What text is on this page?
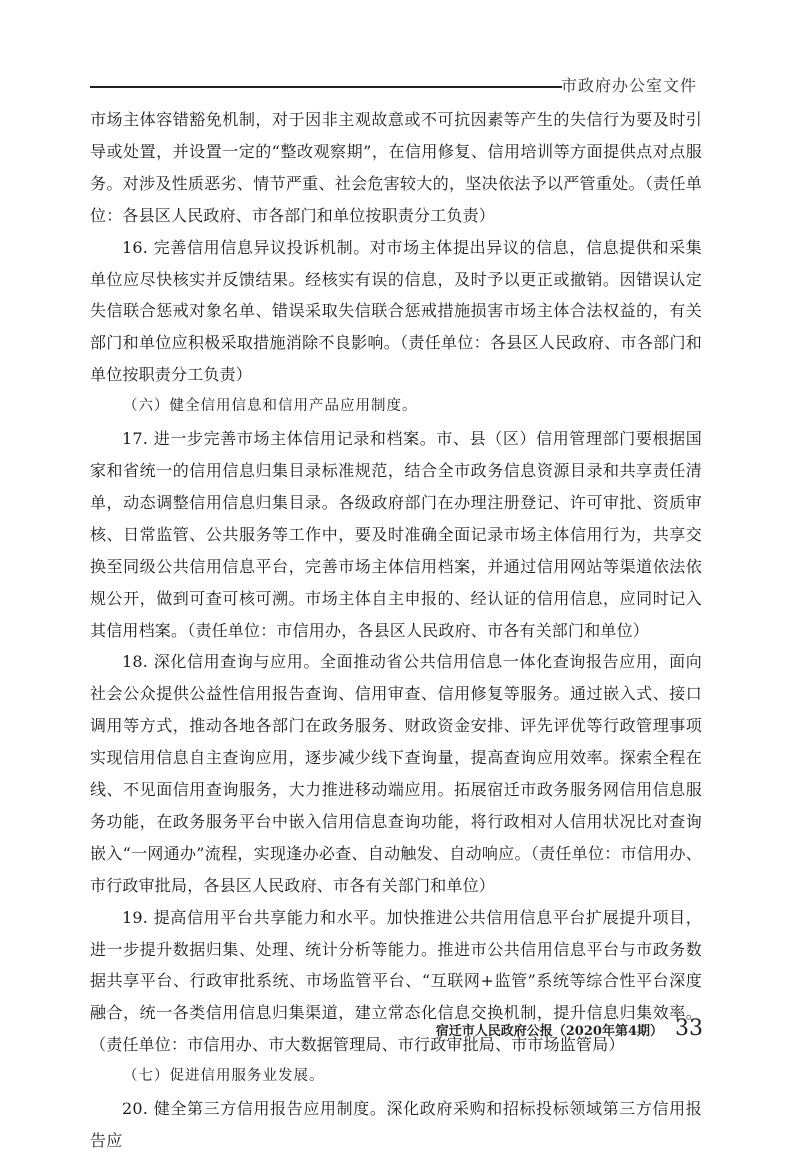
市政府办公室文件

市场主体容错豁免机制，对于因非主观故意或不可抗因素等产生的失信行为要及时引导或处置，并设置一定的“整改观察期”，在信用修复、信用培训等方面提供点对点服务。对涉及性质恶劣、情节严重、社会危害较大的，坚决依法予以严管重处。（责任单位：各县区人民政府、市各部门和单位按职责分工负责）

16. 完善信用信息异议投诉机制。对市场主体提出异议的信息，信息提供和采集单位应尽快核实并反馈结果。经核实有误的信息，及时予以更正或撤销。因错误认定失信联合惩戒对象名单、错误采取失信联合惩戒措施损害市场主体合法权益的，有关部门和单位应积极采取措施消除不良影响。（责任单位：各县区人民政府、市各部门和单位按职责分工负责）

（六）健全信用信息和信用产品应用制度。

17. 进一步完善市场主体信用记录和档案。市、县（区）信用管理部门要根据国家和省统一的信用信息归集目录标准规范，结合全市政务信息资源目录和共享责任清单，动态调整信用信息归集目录。各级政府部门在办理注册登记、许可审批、资质审核、日常监管、公共服务等工作中，要及时准确全面记录市场主体信用行为，共享交换至同级公共信用信息平台，完善市场主体信用档案，并通过信用网站等渠道依法依规公开，做到可查可核可溯。市场主体自主申报的、经认证的信用信息，应同时记入其信用档案。（责任单位：市信用办，各县区人民政府、市各有关部门和单位）

18. 深化信用查询与应用。全面推动省公共信用信息一体化查询报告应用，面向社会公众提供公益性信用报告查询、信用审查、信用修复等服务。通过嵌入式、接口调用等方式，推动各地各部门在政务服务、财政资金安排、评先评优等行政管理事项实现信用信息自主查询应用，逐步减少线下查询量，提高查询应用效率。探索全程在线、不见面信用查询服务，大力推进移动端应用。拓展宿迁市政务服务网信用信息服务功能，在政务服务平台中嵌入信用信息查询功能，将行政相对人信用状况比对查询嵌入“一网通办”流程，实现逢办必查、自动触发、自动响应。（责任单位：市信用办、市行政审批局，各县区人民政府、市各有关部门和单位）

19. 提高信用平台共享能力和水平。加快推进公共信用信息平台扩展提升项目，进一步提升数据归集、处理、统计分析等能力。推进市公共信用信息平台与市政务数据共享平台、行政审批系统、市场监管平台、“互联网+监管”系统等综合性平台深度融合，统一各类信用信息归集渠道，建立常态化信息交换机制，提升信息归集效率。（责任单位：市信用办、市大数据管理局、市行政审批局、市市场监管局）

（七）促进信用服务业发展。

20. 健全第三方信用报告应用制度。深化政府采购和招标投标领域第三方信用报告应

宿迁市人民政府公报（2020年第4期） 33
